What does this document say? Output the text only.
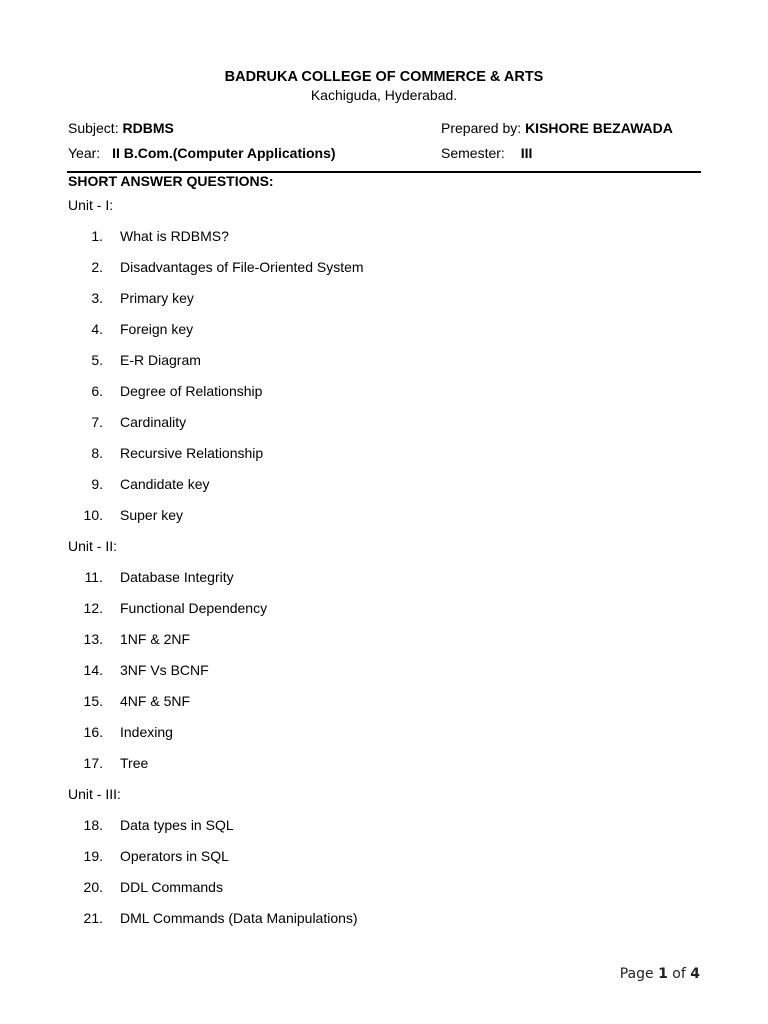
BADRUKA COLLEGE OF COMMERCE & ARTS
Kachiguda, Hyderabad.
Subject: RDBMS	Prepared by: KISHORE BEZAWADA
Year: II B.Com.(Computer Applications)	Semester: III
SHORT ANSWER QUESTIONS:
Unit - I:
1. What is RDBMS?
2. Disadvantages of File-Oriented System
3. Primary key
4. Foreign key
5. E-R Diagram
6. Degree of Relationship
7. Cardinality
8. Recursive Relationship
9. Candidate key
10. Super key
Unit - II:
11. Database Integrity
12. Functional Dependency
13. 1NF & 2NF
14. 3NF Vs BCNF
15. 4NF & 5NF
16. Indexing
17. Tree
Unit - III:
18. Data types in SQL
19. Operators in SQL
20. DDL Commands
21. DML Commands (Data Manipulations)
Page 1 of 4
